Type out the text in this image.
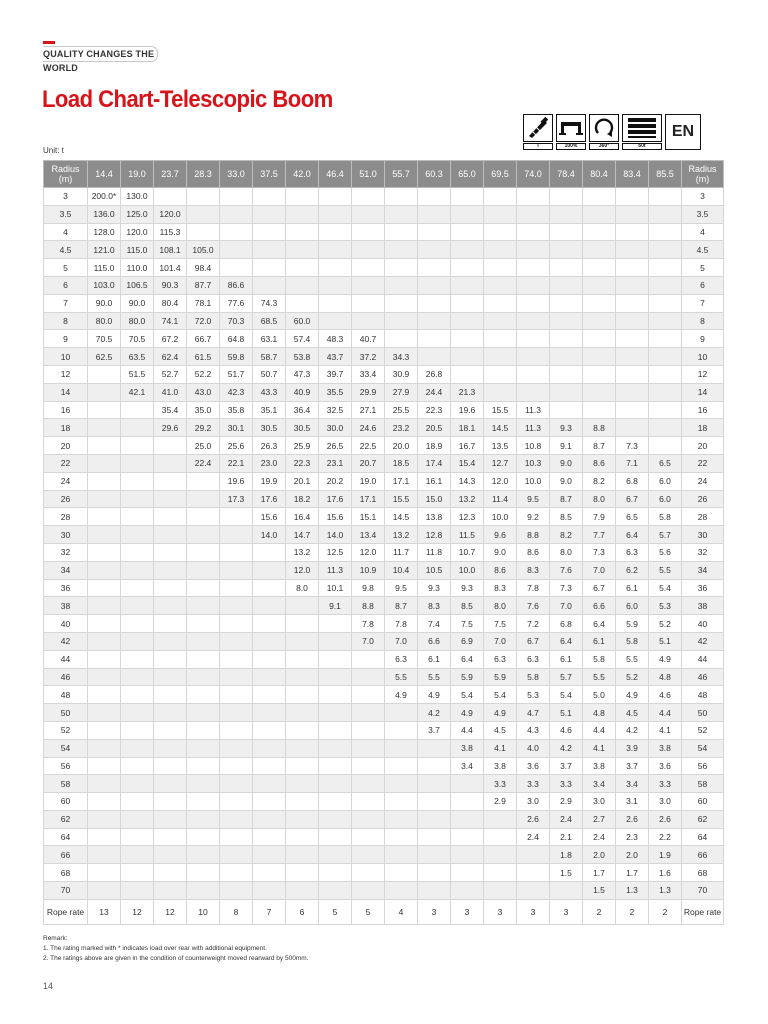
QUALITY CHANGES THE WORLD
Load Chart-Telescopic Boom
T	100%	360°	60t
EN
Unit: t
Radius (m)	14.4	19.0	23.7	28.3	33.0	37.5	42.0	46.4	51.0	55.7	60.3	65.0	69.5	74.0	78.4	80.4	83.4	85.5	Radius (m)
3	200.0*	130.0																	3
3.5	136.0	125.0	120.0																3.5
4	128.0	120.0	115.3																4
4.5	121.0	115.0	108.1	105.0															4.5
5	115.0	110.0	101.4	98.4															5
6	103.0	106.5	90.3	87.7	86.6														6
7	90.0	90.0	80.4	78.1	77.6	74.3													7
8	80.0	80.0	74.1	72.0	70.3	68.5	60.0												8
9	70.5	70.5	67.2	66.7	64.8	63.1	57.4	48.3	40.7										9
10	62.5	63.5	62.4	61.5	59.8	58.7	53.8	43.7	37.2	34.3									10
12		51.5	52.7	52.2	51.7	50.7	47.3	39.7	33.4	30.9	26.8								12
14		42.1	41.0	43.0	42.3	43.3	40.9	35.5	29.9	27.9	24.4	21.3							14
16			35.4	35.0	35.8	35.1	36.4	32.5	27.1	25.5	22.3	19.6	15.5	11.3					16
18			29.6	29.2	30.1	30.5	30.5	30.0	24.6	23.2	20.5	18.1	14.5	11.3	9.3	8.8			18
20				25.0	25.6	26.3	25.9	26.5	22.5	20.0	18.9	16.7	13.5	10.8	9.1	8.7	7.3		20
22				22.4	22.1	23.0	22.3	23.1	20.7	18.5	17.4	15.4	12.7	10.3	9.0	8.6	7.1	6.5	22
24					19.6	19.9	20.1	20.2	19.0	17.1	16.1	14.3	12.0	10.0	9.0	8.2	6.8	6.0	24
26					17.3	17.6	18.2	17.6	17.1	15.5	15.0	13.2	11.4	9.5	8.7	8.0	6.7	6.0	26
28						15.6	16.4	15.6	15.1	14.5	13.8	12.3	10.0	9.2	8.5	7.9	6.5	5.8	28
30						14.0	14.7	14.0	13.4	13.2	12.8	11.5	9.6	8.8	8.2	7.7	6.4	5.7	30
32							13.2	12.5	12.0	11.7	11.8	10.7	9.0	8.6	8.0	7.3	6.3	5.6	32
34							12.0	11.3	10.9	10.4	10.5	10.0	8.6	8.3	7.6	7.0	6.2	5.5	34
36							8.0	10.1	9.8	9.5	9.3	9.3	8.3	7.8	7.3	6.7	6.1	5.4	36
38								9.1	8.8	8.7	8.3	8.5	8.0	7.6	7.0	6.6	6.0	5.3	38
40									7.8	7.8	7.4	7.5	7.5	7.2	6.8	6.4	5.9	5.2	40
42									7.0	7.0	6.6	6.9	7.0	6.7	6.4	6.1	5.8	5.1	42
44										6.3	6.1	6.4	6.3	6.3	6.1	5.8	5.5	4.9	44
46										5.5	5.5	5.9	5.9	5.8	5.7	5.5	5.2	4.8	46
48										4.9	4.9	5.4	5.4	5.3	5.4	5.0	4.9	4.6	48
50											4.2	4.9	4.9	4.7	5.1	4.8	4.5	4.4	50
52											3.7	4.4	4.5	4.3	4.6	4.4	4.2	4.1	52
54												3.8	4.1	4.0	4.2	4.1	3.9	3.8	54
56												3.4	3.8	3.6	3.7	3.8	3.7	3.6	56
58													3.3	3.3	3.3	3.4	3.4	3.3	58
60													2.9	3.0	2.9	3.0	3.1	3.0	60
62														2.6	2.4	2.7	2.6	2.6	62
64														2.4	2.1	2.4	2.3	2.2	64
66															1.8	2.0	2.0	1.9	66
68															1.5	1.7	1.7	1.6	68
70																1.5	1.3	1.3	70
Rope rate	13	12	12	10	8	7	6	5	5	4	3	3	3	3	3	2	2	2	Rope rate
Remark:
1. The rating marked with * indicates load over rear with additional equipment.
2. The ratings above are given in the condition of counterweight moved rearward by 500mm.
14
